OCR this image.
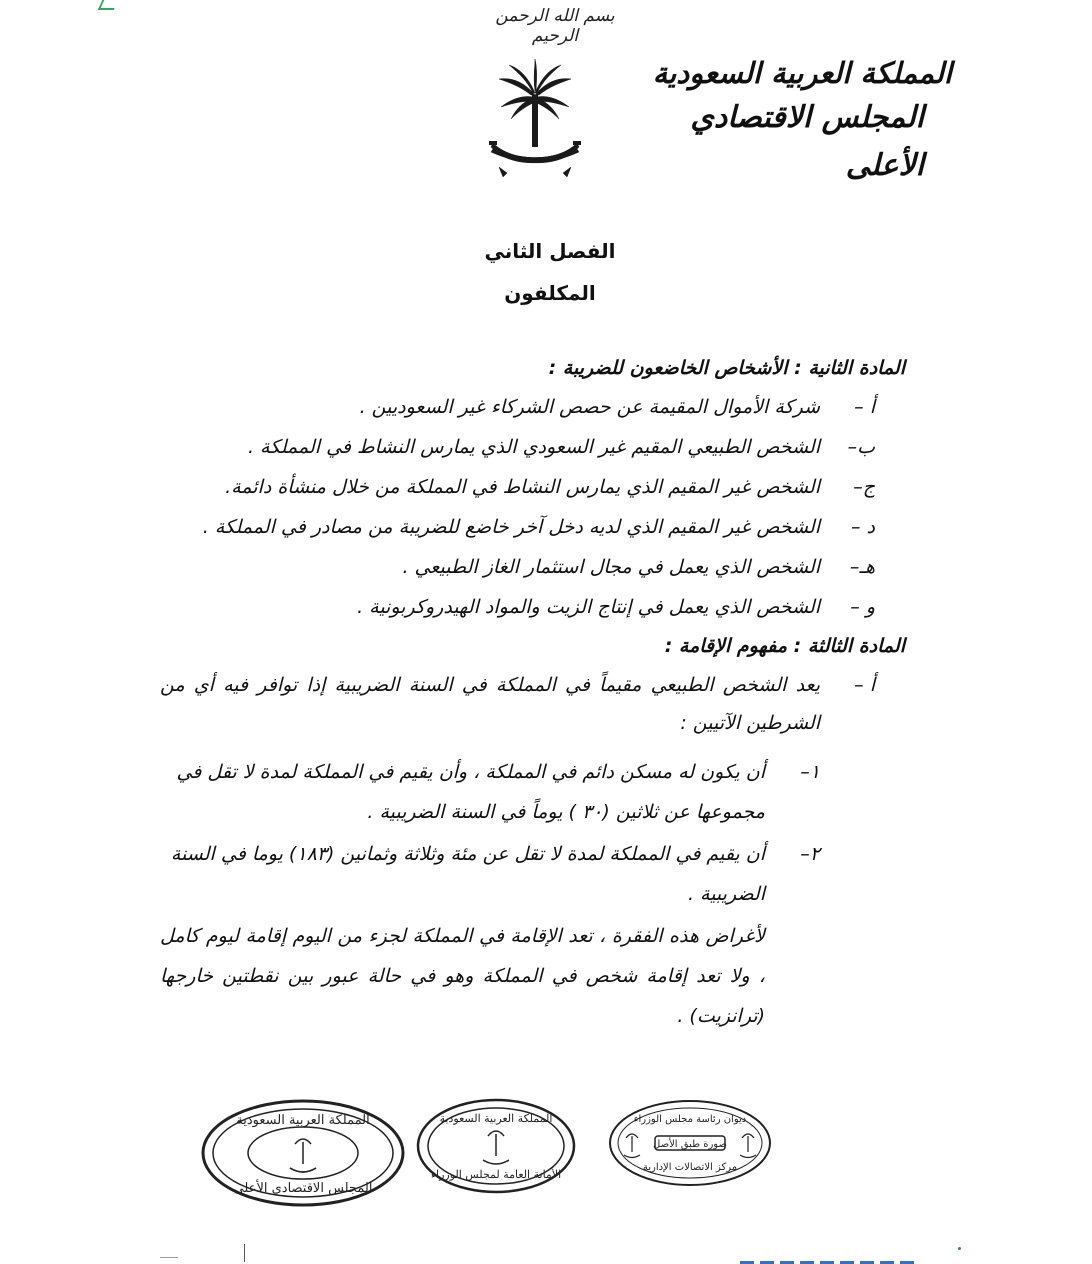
بسم الله الرحمن الرحيم
المملكة العربية السعودية
المجلس الاقتصادي الأعلى
الفصل الثاني
المكلفون
المادة الثانية : الأشخاص الخاضعون للضريبة :
أ –
شركة الأموال المقيمة عن حصص الشركاء غير السعوديين .
ب–
الشخص الطبيعي المقيم غير السعودي الذي يمارس النشاط في المملكة .
ج–
الشخص غير المقيم الذي يمارس النشاط في المملكة من خلال منشأة دائمة.
د –
الشخص غير المقيم الذي لديه دخل آخر خاضع للضريبة من مصادر في المملكة .
هـ–
الشخص الذي يعمل في مجال استثمار الغاز الطبيعي .
و –
الشخص الذي يعمل في إنتاج الزيت والمواد الهيدروكربونية .
المادة الثالثة : مفهوم الإقامة :
أ –
يعد الشخص الطبيعي مقيماً في المملكة في السنة الضريبية إذا توافر فيه أي من الشرطين الآتيين :
١–
أن يكون له مسكن دائم في المملكة ، وأن يقيم في المملكة لمدة لا تقل في مجموعها عن ثلاثين (٣٠ ) يوماً في السنة الضريبية .
٢–
أن يقيم في المملكة لمدة لا تقل عن مئة وثلاثة وثمانين (١٨٣) يوما في السنة الضريبية .
لأغراض هذه الفقرة ، تعد الإقامة في المملكة لجزء من اليوم إقامة ليوم كامل ، ولا تعد إقامة شخص في المملكة وهو في حالة عبور بين نقطتين خارجها (ترانزيت) .
المملكة العربية السعودية
المجلس الاقتصادي الأعلى
المملكة العربية السعودية
الأمانة العامة لمجلس الوزراء
ديوان رئاسة مجلس الوزراء
صورة طبق الأصل
مركز الاتصالات الإدارية
